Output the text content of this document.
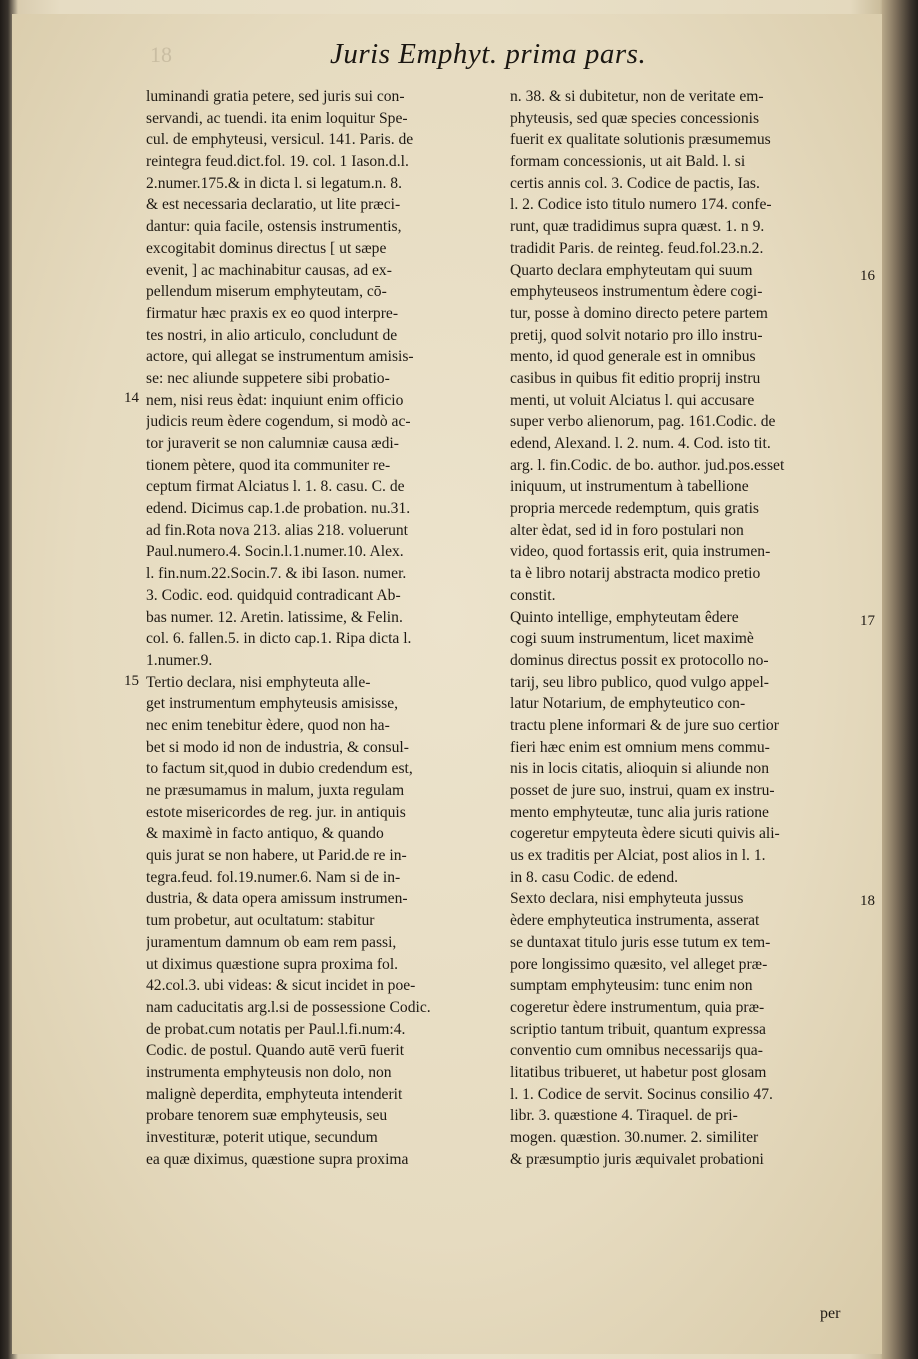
18	Juris Emphyt. prima pars.
luminandi gratia petere, sed juris sui con-
servandi, ac tuendi. ita enim loquitur Spe-
cul. de emphyteusi, versicul. 141. Paris. de
reintegra feud.dict.fol. 19. col. 1 Iason.d.l.
2.numer.175.& in dicta l. si legatum.n. 8.
& est necessaria declaratio, ut lite præci-
dantur: quia facile, ostensis instrumentis,
excogitabit dominus directus [ ut sæpe
evenit, ] ac machinabitur causas, ad ex-
pellendum miserum emphyteutam, cō-
firmatur hæc praxis ex eo quod interpre-
tes nostri, in alio articulo, concludunt de
actore, qui allegat se instrumentum amisis-
se: nec aliunde suppetere sibi probatio-
nem, nisi reus èdat: inquiunt enim officio
judicis reum èdere cogendum, si modò ac-
tor juraverit se non calumniæ causa ædi-
tionem pètere, quod ita communiter re-
ceptum firmat Alciatus l. 1. 8. casu. C. de
edend. Dicimus cap.1.de probation. nu.31.
ad fin.Rota nova 213. alias 218. voluerunt
Paul.numero.4. Socin.l.1.numer.10. Alex.
l. fin.num.22.Socin.7. & ibi Iason. numer.
3. Codic. eod. quidquid contradicant Ab-
bas numer. 12. Aretin. latissime, & Felin.
col. 6. fallen.5. in dicto cap.1. Ripa dicta l.
1.numer.9.
Tertio declara, nisi emphyteuta alle-
get instrumentum emphyteusis amisisse,
nec enim tenebitur èdere, quod non ha-
bet si modo id non de industria, & consul-
to factum sit,quod in dubio credendum est,
ne præsumamus in malum, juxta regulam
estote misericordes de reg. jur. in antiquis
& maximè in facto antiquo, & quando
quis jurat se non habere, ut Parid.de re in-
tegra.feud. fol.19.numer.6. Nam si de in-
dustria, & data opera amissum instrumen-
tum probetur, aut ocultatum: stabitur
juramentum damnum ob eam rem passi,
ut diximus quæstione supra proxima fol.
42.col.3. ubi videas: & sicut incidet in poe-
nam caducitatis arg.l.si de possessione Codic.
de probat.cum notatis per Paul.l.fi.num:4.
Codic. de postul. Quando autē verū fuerit
instrumenta emphyteusis non dolo, non
malignè deperdita, emphyteuta intenderit
probare tenorem suæ emphyteusis, seu
investituræ, poterit utique, secundum
ea quæ diximus, quæstione supra proxima
n. 38. & si dubitetur, non de veritate em-
phyteusis, sed quæ species concessionis
fuerit ex qualitate solutionis præsumemus
formam concessionis, ut ait Bald. l. si
certis annis col. 3. Codice de pactis, Ias.
l. 2. Codice isto titulo numero 174. confe-
runt, quæ tradidimus supra quæst. 1. n 9.
tradidit Paris. de reinteg. feud.fol.23.n.2.
Quarto declara emphyteutam qui suum
emphyteuseos instrumentum èdere cogi-
tur, posse à domino directo petere partem
pretij, quod solvit notario pro illo instru-
mento, id quod generale est in omnibus
casibus in quibus fit editio proprij instru
menti, ut voluit Alciatus l. qui accusare
super verbo alienorum, pag. 161.Codic. de
edend, Alexand. l. 2. num. 4. Cod. isto tit.
arg. l. fin.Codic. de bo. author. jud.pos.esset
iniquum, ut instrumentum à tabellione
propria mercede redemptum, quis gratis
alter èdat, sed id in foro postulari non
video, quod fortassis erit, quia instrumen-
ta è libro notarij abstracta modico pretio
constit.
Quinto intellige, emphyteutam êdere
cogi suum instrumentum, licet maximè
dominus directus possit ex protocollo no-
tarij, seu libro publico, quod vulgo appel-
latur Notarium, de emphyteutico con-
tractu plene informari & de jure suo certior
fieri hæc enim est omnium mens commu-
nis in locis citatis, alioquin si aliunde non
posset de jure suo, instrui, quam ex instru-
mento emphyteutæ, tunc alia juris ratione
cogeretur empyteuta èdere sicuti quivis ali-
us ex traditis per Alciat, post alios in l. 1.
in 8. casu Codic. de edend.
Sexto declara, nisi emphyteuta jussus
èdere emphyteutica instrumenta, asserat
se duntaxat titulo juris esse tutum ex tem-
pore longissimo quæsito, vel alleget præ-
sumptam emphyteusim: tunc enim non
cogeretur èdere instrumentum, quia præ-
scriptio tantum tribuit, quantum expressa
conventio cum omnibus necessarijs qua-
litatibus tribueret, ut habetur post glosam
l. 1. Codice de servit. Socinus consilio 47.
libr. 3. quæstione 4. Tiraquel. de pri-
mogen. quæstion. 30.numer. 2. similiter
& præsumptio juris æquivalet probationi
14
15
16
17
18
per
